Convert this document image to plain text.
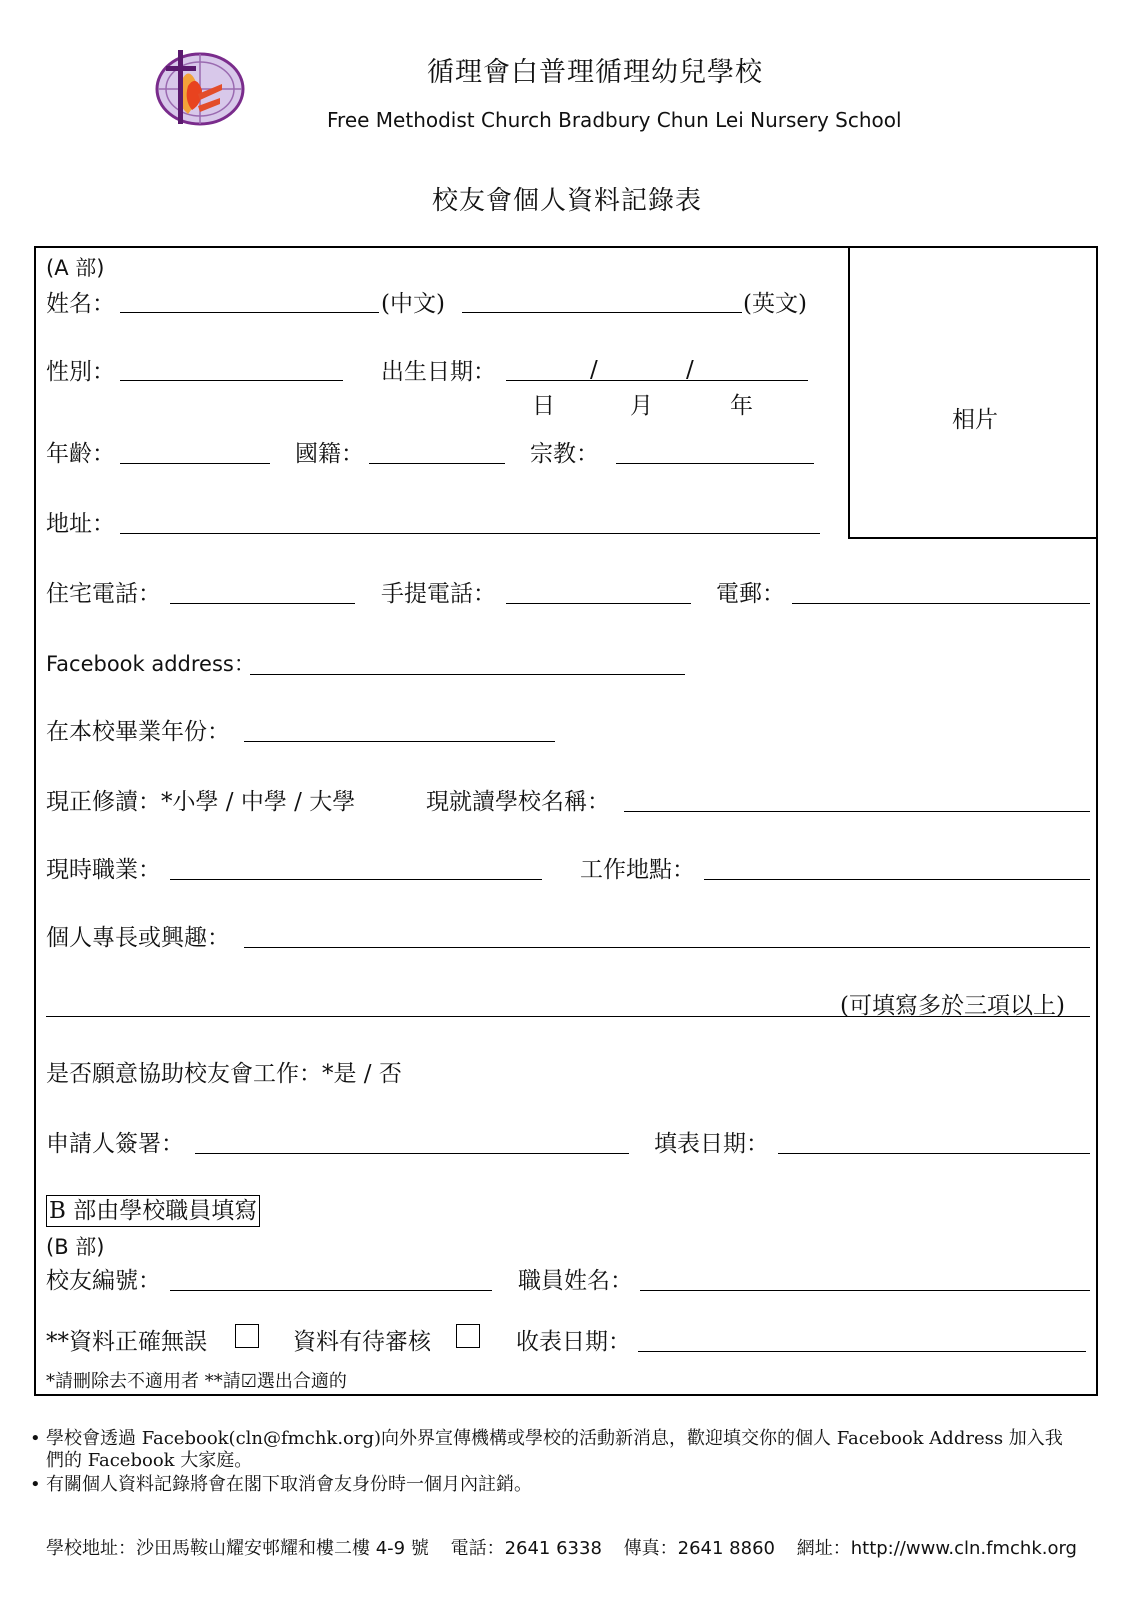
循理會白普理循理幼兒學校
Free Methodist Church Bradbury Chun Lei Nursery School
校友會個人資料記錄表
相片
(A 部)
姓名：	(中文)	(英文)
性別：	出生日期：	/	/
日	月	年
年齡：	國籍：	宗教：
地址：
住宅電話：	手提電話：	電郵：
Facebook address：
在本校畢業年份：
現正修讀：*小學 / 中學 / 大學	現就讀學校名稱：
現時職業：	工作地點：
個人專長或興趣：
(可填寫多於三項以上)
是否願意協助校友會工作：*是 / 否
申請人簽署：	填表日期：
B 部由學校職員填寫
(B 部)
校友編號：	職員姓名：
**資料正確無誤	資料有待審核	收表日期：
*請刪除去不適用者 **請☑選出合適的
• 學校會透過 Facebook(cln@fmchk.org)向外界宣傳機構或學校的活動新消息，歡迎填交你的個人 Facebook Address 加入我們的 Facebook 大家庭。
• 有關個人資料記錄將會在閣下取消會友身份時一個月內註銷。
學校地址：沙田馬鞍山耀安邨耀和樓二樓 4-9 號 電話：2641 6338 傳真：2641 8860 網址：http://www.cln.fmchk.org
